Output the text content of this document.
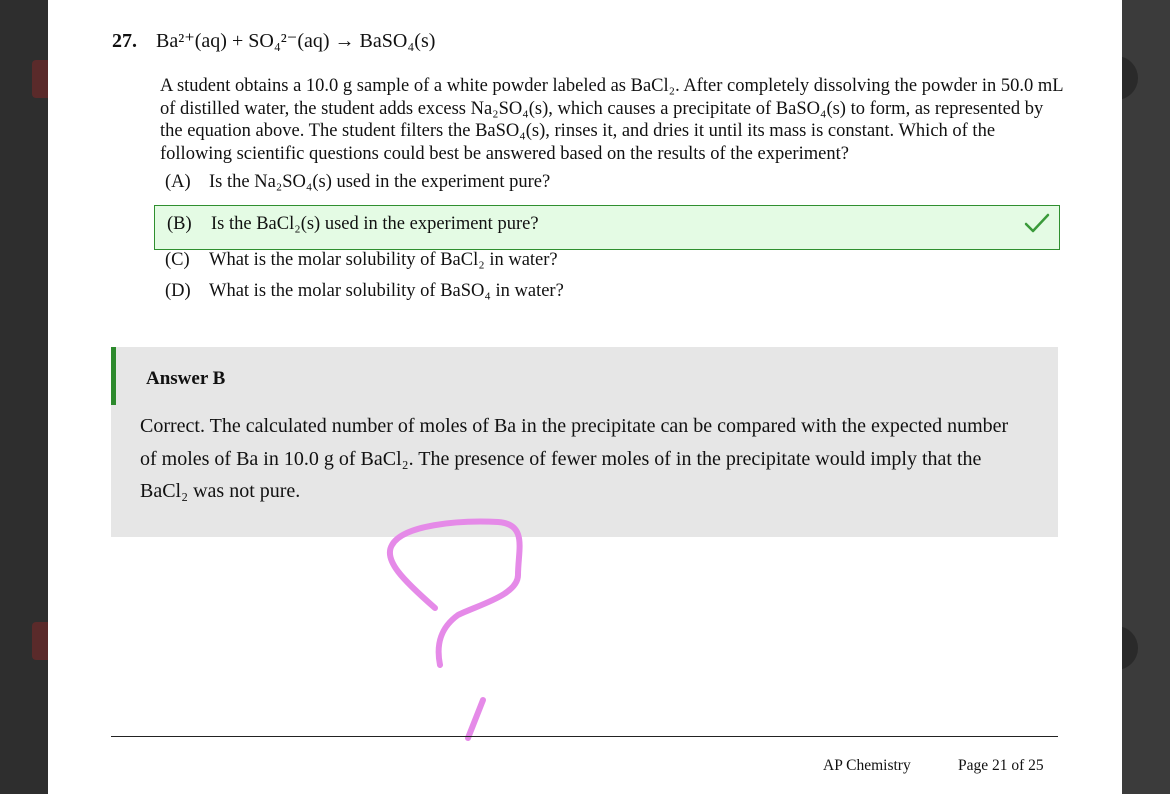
27. Ba²⁺(aq) + SO₄²⁻(aq) → BaSO₄(s)
A student obtains a 10.0 g sample of a white powder labeled as BaCl₂. After completely dissolving the powder in 50.0 mL of distilled water, the student adds excess Na₂SO₄(s), which causes a precipitate of BaSO₄(s) to form, as represented by the equation above. The student filters the BaSO₄(s), rinses it, and dries it until its mass is constant. Which of the following scientific questions could best be answered based on the results of the experiment?
(A) Is the Na₂SO₄(s) used in the experiment pure?
(B)	Is the BaCl₂(s) used in the experiment pure?
(C)	What is the molar solubility of BaCl₂ in water?
(D) What is the molar solubility of BaSO₄ in water?
Answer B
Correct. The calculated number of moles of Ba in the precipitate can be compared with the expected number of moles of Ba in 10.0 g of BaCl₂. The presence of fewer moles of in the precipitate would imply that the BaCl₂ was not pure.
AP Chemistry	Page 21 of 25
